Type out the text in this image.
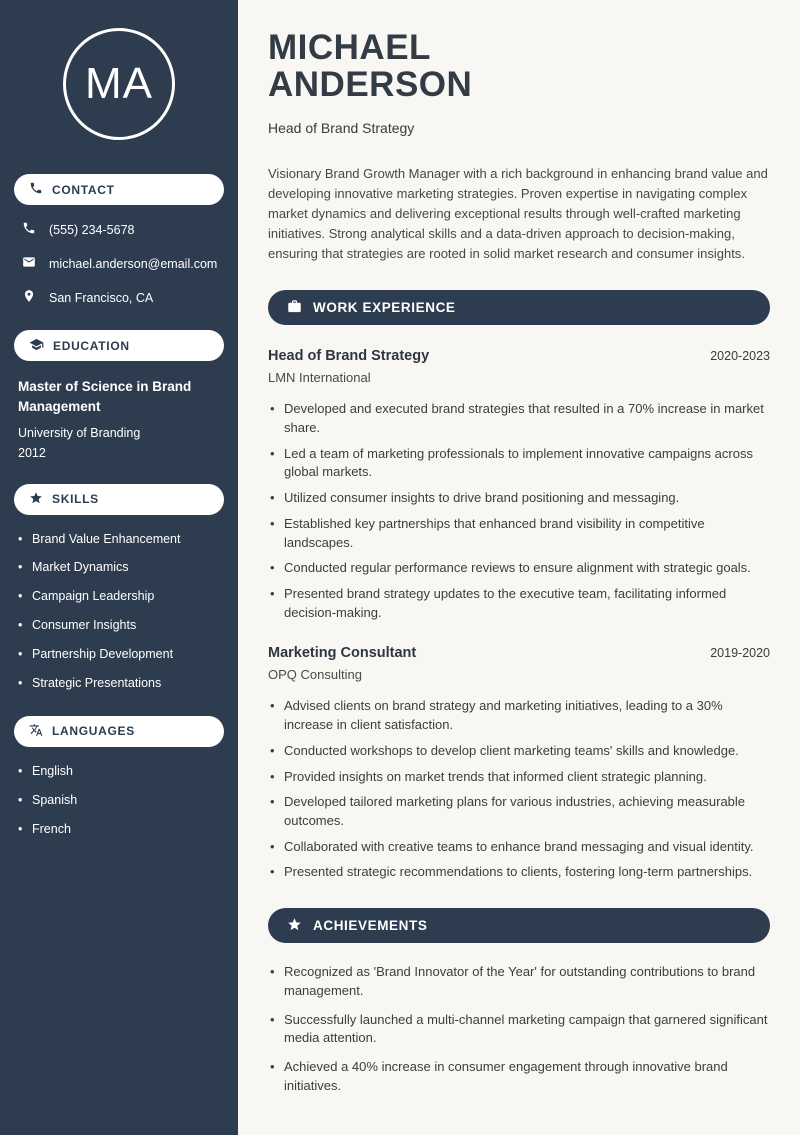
MA
CONTACT
(555) 234-5678
michael.anderson@email.com
San Francisco, CA
EDUCATION

Master of Science in Brand Management

University of Branding

2012

SKILLS
• Brand Value Enhancement
• Market Dynamics
• Campaign Leadership
• Consumer Insights
• Partnership Development
• Strategic Presentations
LANGUAGES
• English
• Spanish
• French
MICHAEL
ANDERSON

Head of Brand Strategy

Visionary Brand Growth Manager with a rich background in enhancing brand value and developing innovative marketing strategies. Proven expertise in navigating complex market dynamics and delivering exceptional results through well-crafted marketing initiatives. Strong analytical skills and a data-driven approach to decision-making, ensuring that strategies are rooted in solid market research and consumer insights.

WORK EXPERIENCE
Head of Brand Strategy	2020-2023

LMN International

• Developed and executed brand strategies that resulted in a 70% increase in market share.
• Led a team of marketing professionals to implement innovative campaigns across global markets.
• Utilized consumer insights to drive brand positioning and messaging.
• Established key partnerships that enhanced brand visibility in competitive landscapes.
• Conducted regular performance reviews to ensure alignment with strategic goals.
• Presented brand strategy updates to the executive team, facilitating informed decision-making.
Marketing Consultant	2019-2020

OPQ Consulting

• Advised clients on brand strategy and marketing initiatives, leading to a 30% increase in client satisfaction.
• Conducted workshops to develop client marketing teams' skills and knowledge.
• Provided insights on market trends that informed client strategic planning.
• Developed tailored marketing plans for various industries, achieving measurable outcomes.
• Collaborated with creative teams to enhance brand messaging and visual identity.
• Presented strategic recommendations to clients, fostering long-term partnerships.
ACHIEVEMENTS
• Recognized as 'Brand Innovator of the Year' for outstanding contributions to brand management.
• Successfully launched a multi-channel marketing campaign that garnered significant media attention.
• Achieved a 40% increase in consumer engagement through innovative brand initiatives.
